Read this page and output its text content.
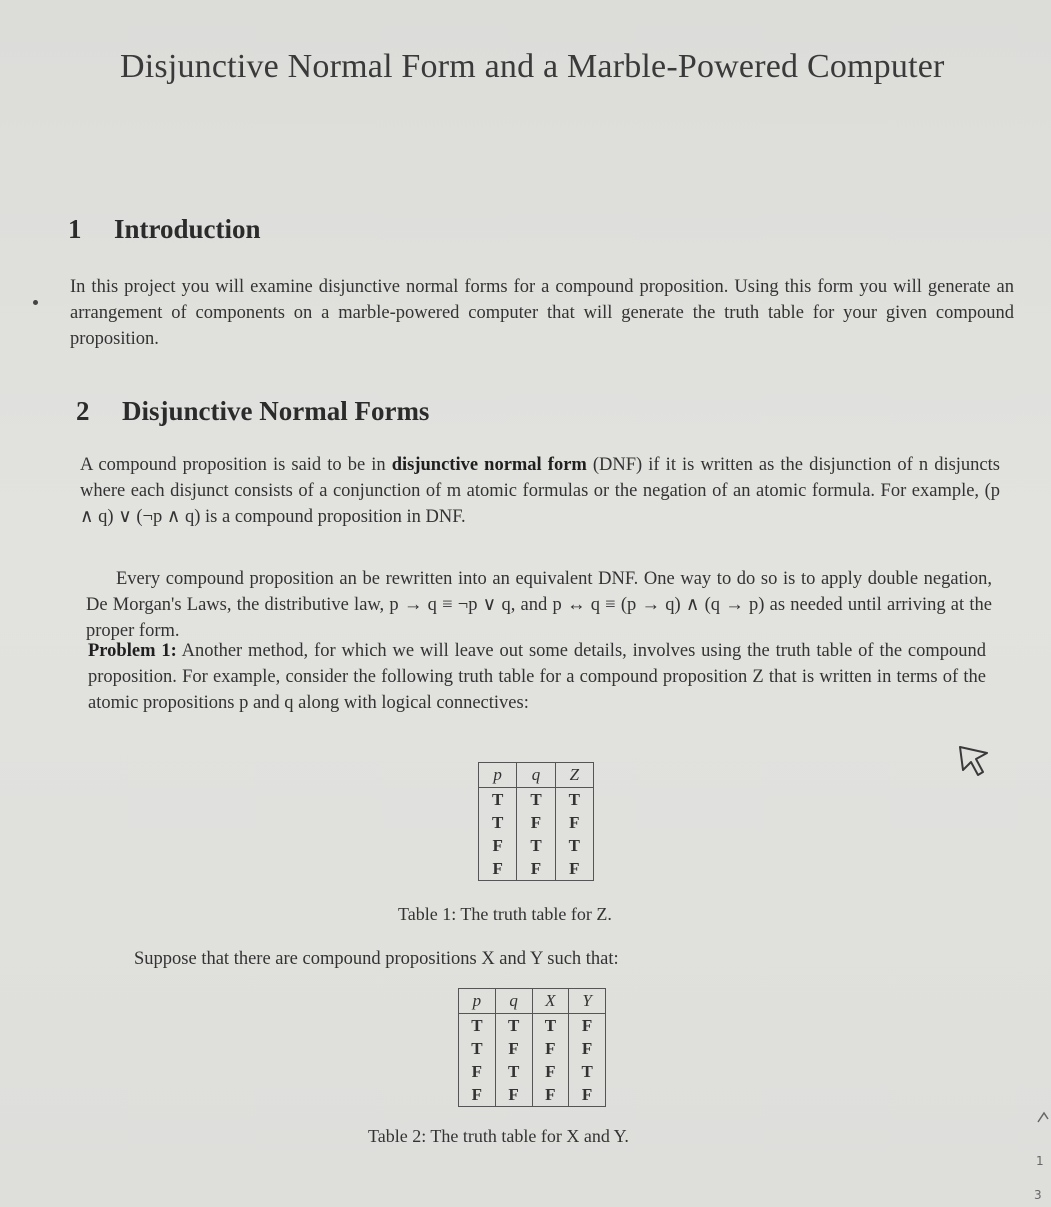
Disjunctive Normal Form and a Marble-Powered Computer
1 Introduction
In this project you will examine disjunctive normal forms for a compound proposition. Using this form you will generate an arrangement of components on a marble-powered computer that will generate the truth table for your given compound proposition.
2 Disjunctive Normal Forms
A compound proposition is said to be in disjunctive normal form (DNF) if it is written as the disjunction of n disjuncts where each disjunct consists of a conjunction of m atomic formulas or the negation of an atomic formula. For example, (p ∧ q) ∨ (¬p ∧ q) is a compound proposition in DNF.
Every compound proposition an be rewritten into an equivalent DNF. One way to do so is to apply double negation, De Morgan's Laws, the distributive law, p → q ≡ ¬p ∨ q, and p ↔ q ≡ (p → q) ∧ (q → p) as needed until arriving at the proper form.
Problem 1: Another method, for which we will leave out some details, involves using the truth table of the compound proposition. For example, consider the following truth table for a compound proposition Z that is written in terms of the atomic propositions p and q along with logical connectives:
p	q	Z
T	T	T
T	F	F
F	T	T
F	F	F
Table 1: The truth table for Z.
Suppose that there are compound propositions X and Y such that:
p	q	X	Y
T	T	T	F
T	F	F	F
F	T	F	T
F	F	F	F
Table 2: The truth table for X and Y.
1
3
